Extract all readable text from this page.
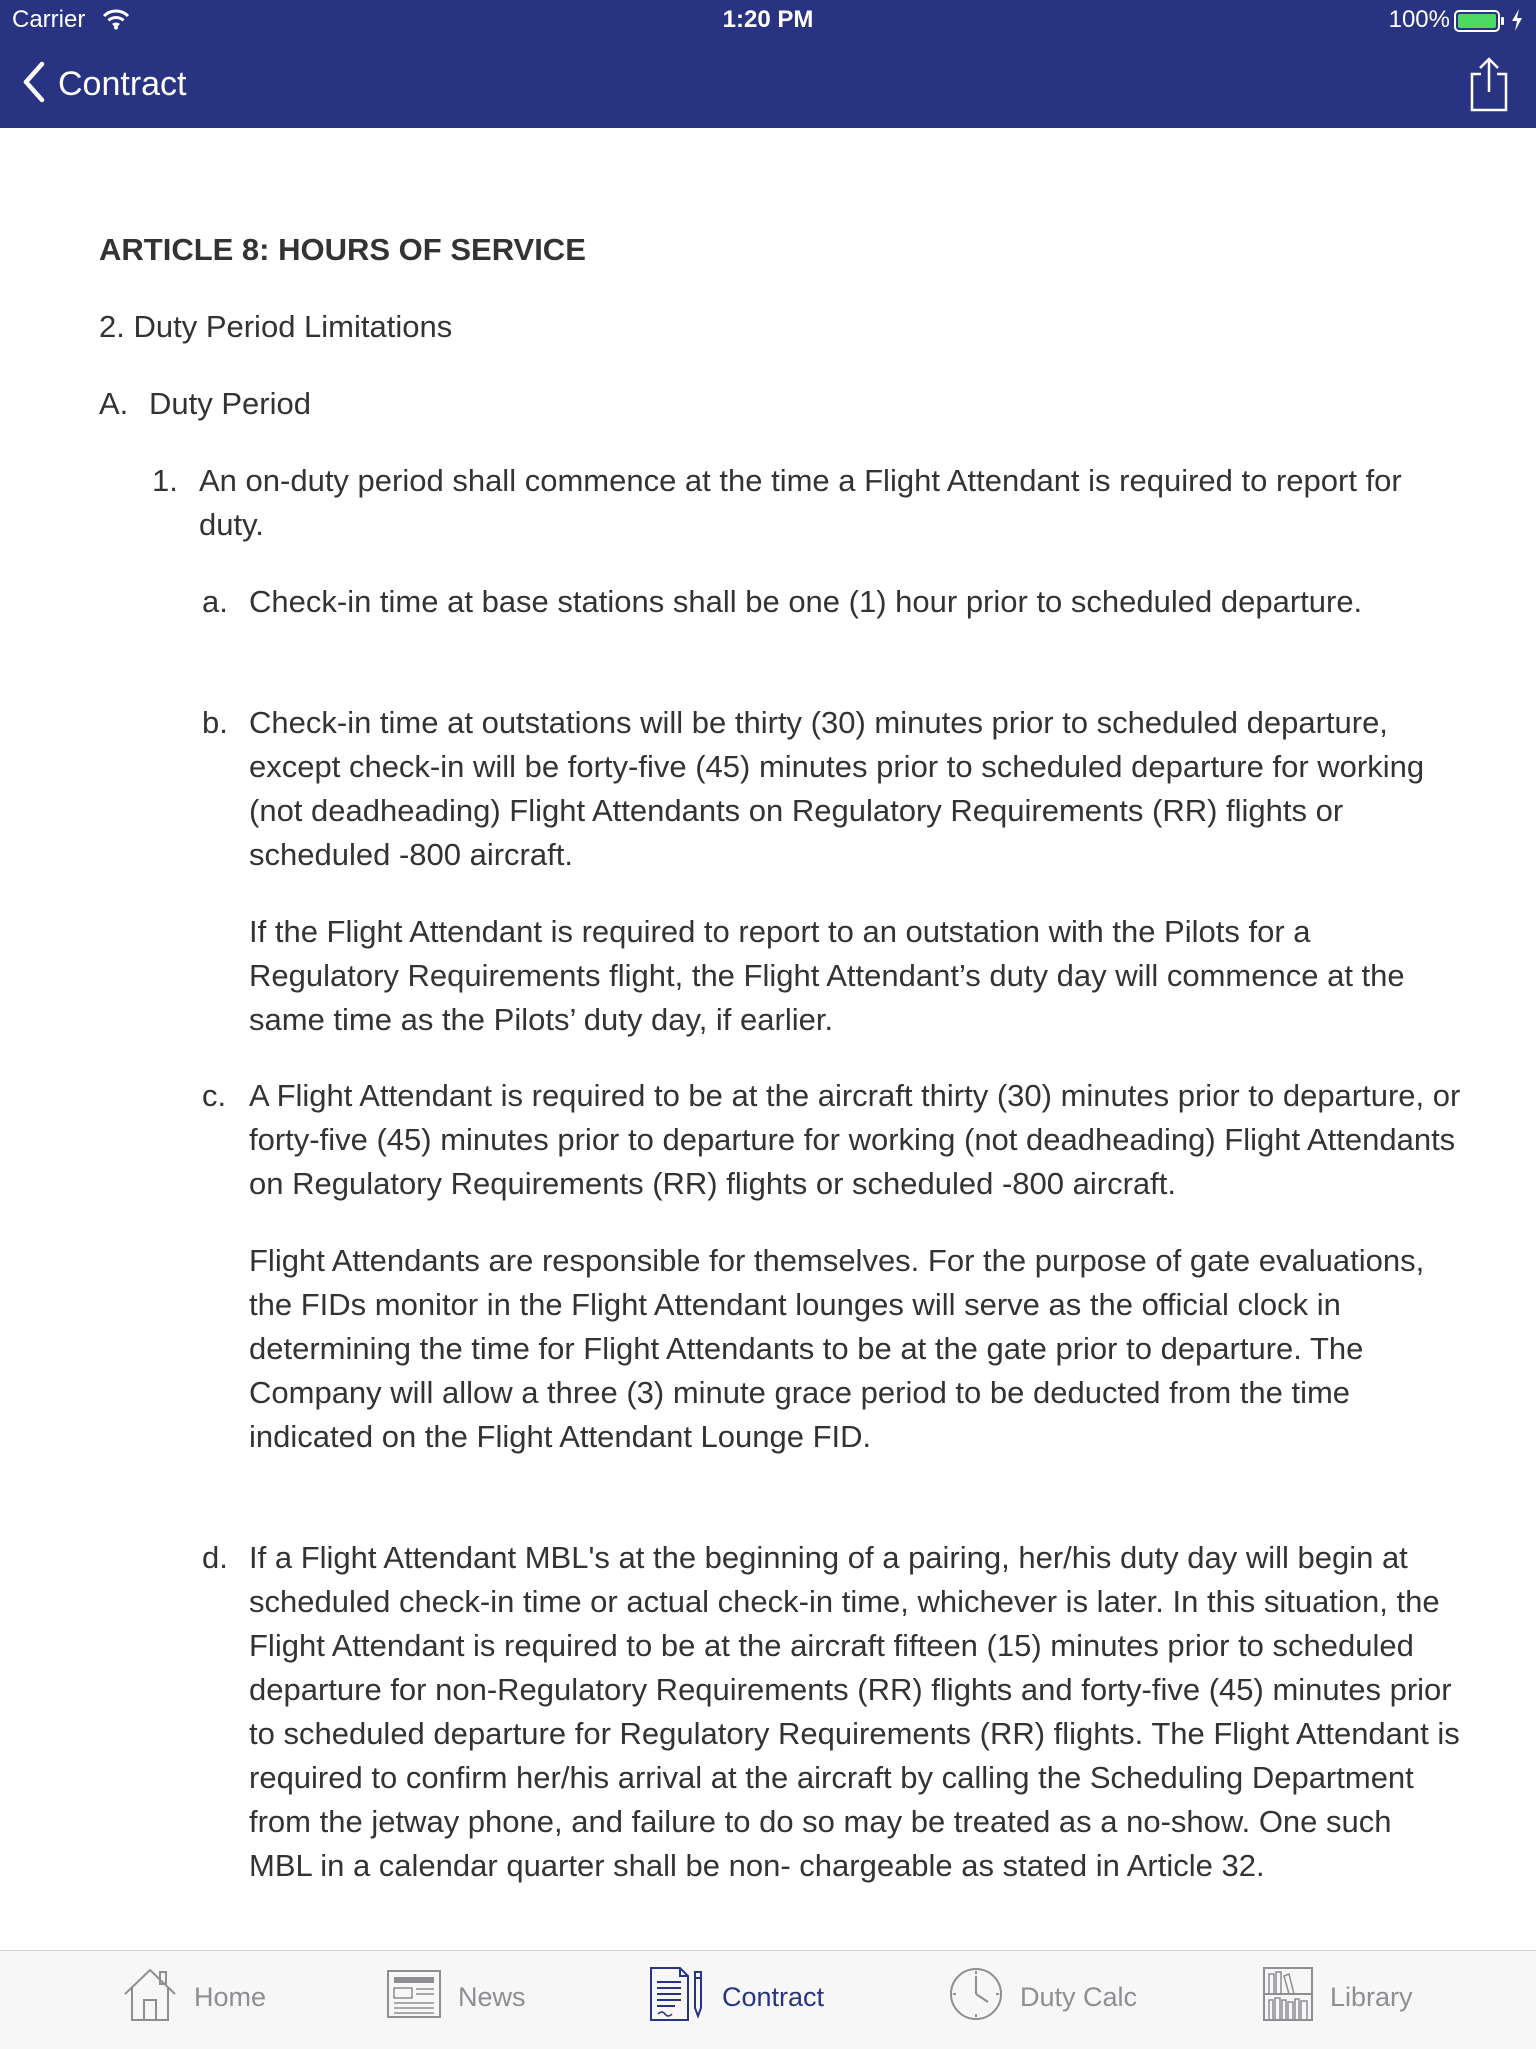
Carrier	1:20 PM	100%
Contract

ARTICLE 8: HOURS OF SERVICE

2. Duty Period Limitations

A. Duty Period

1. An on-duty period shall commence at the time a Flight Attendant is required to report for duty.

a. Check-in time at base stations shall be one (1) hour prior to scheduled departure.
b. Check-in time at outstations will be thirty (30) minutes prior to scheduled departure, except check-in will be forty-five (45) minutes prior to scheduled departure for working (not deadheading) Flight Attendants on Regulatory Requirements (RR) flights or scheduled -800 aircraft.
If the Flight Attendant is required to report to an outstation with the Pilots for a Regulatory Requirements flight, the Flight Attendant’s duty day will commence at the same time as the Pilots’ duty day, if earlier.
c. A Flight Attendant is required to be at the aircraft thirty (30) minutes prior to departure, or forty-five (45) minutes prior to departure for working (not deadheading) Flight Attendants on Regulatory Requirements (RR) flights or scheduled -800 aircraft.
Flight Attendants are responsible for themselves. For the purpose of gate evaluations, the FIDs monitor in the Flight Attendant lounges will serve as the official clock in determining the time for Flight Attendants to be at the gate prior to departure. The Company will allow a three (3) minute grace period to be deducted from the time indicated on the Flight Attendant Lounge FID.
d. If a Flight Attendant MBL's at the beginning of a pairing, her/his duty day will begin at scheduled check-in time or actual check-in time, whichever is later. In this situation, the Flight Attendant is required to be at the aircraft fifteen (15) minutes prior to scheduled departure for non-Regulatory Requirements (RR) flights and forty-five (45) minutes prior to scheduled departure for Regulatory Requirements (RR) flights. The Flight Attendant is required to confirm her/his arrival at the aircraft by calling the Scheduling Department from the jetway phone, and failure to do so may be treated as a no-show. One such MBL in a calendar quarter shall be non- chargeable as stated in Article 32.
Home	News	Contract	Duty Calc	Library
